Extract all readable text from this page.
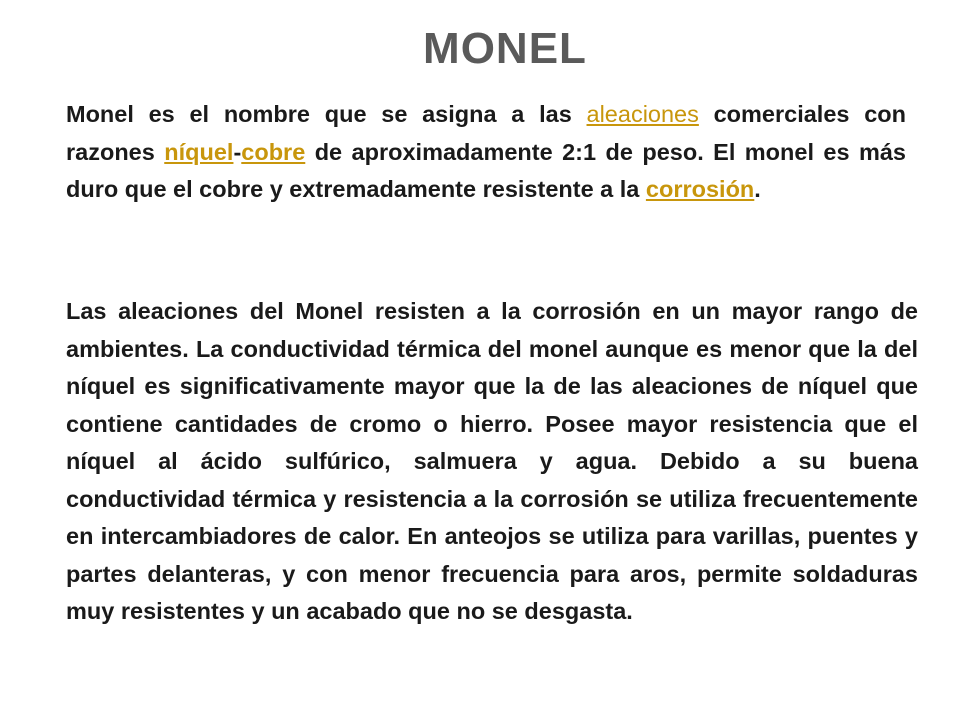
MONEL

Monel es el nombre que se asigna a las aleaciones comerciales con razones níquel-cobre de aproximadamente 2:1 de peso. El monel es más duro que el cobre y extremadamente resistente a la corrosión.

Las aleaciones del Monel resisten a la corrosión en un mayor rango de ambientes. La conductividad térmica del monel aunque es menor que la del níquel es significativamente mayor que la de las aleaciones de níquel que contiene cantidades de cromo o hierro. Posee mayor resistencia que el níquel al ácido sulfúrico, salmuera y agua. Debido a su buena conductividad térmica y resistencia a la corrosión se utiliza frecuentemente en intercambiadores de calor. En anteojos se utiliza para varillas, puentes y partes delanteras, y con menor frecuencia para aros, permite soldaduras muy resistentes y un acabado que no se desgasta.
